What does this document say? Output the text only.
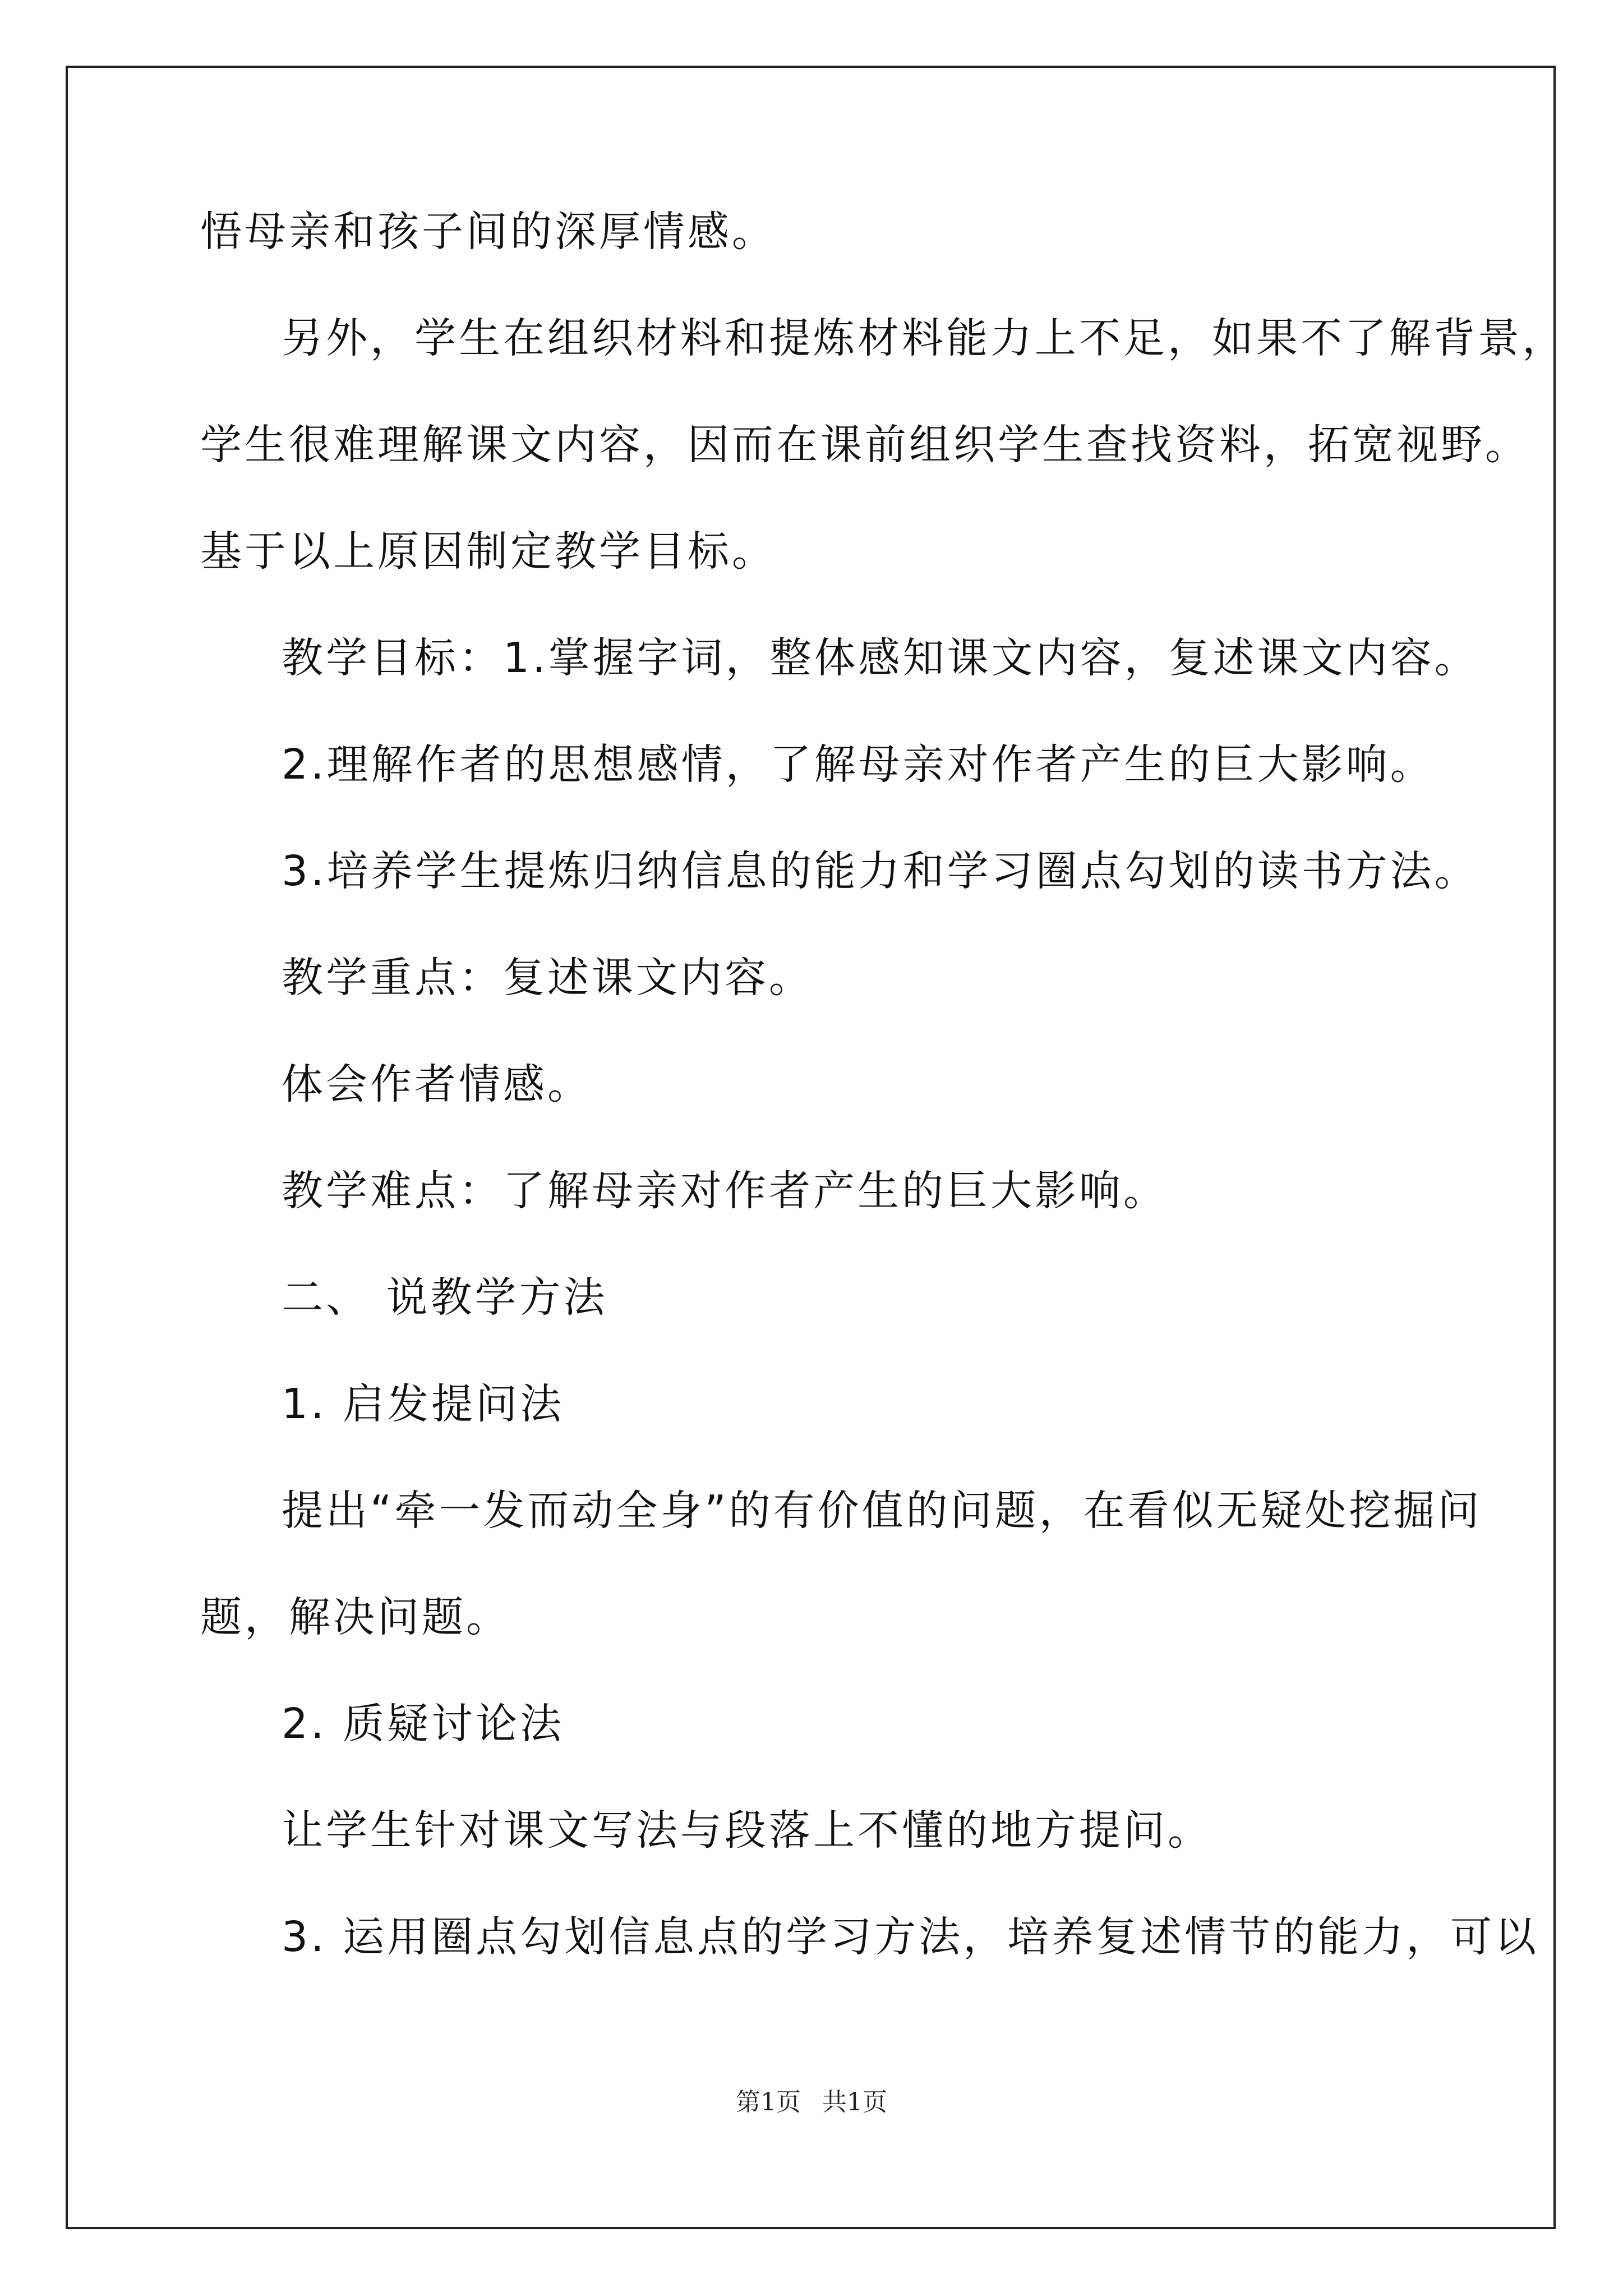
悟母亲和孩子间的深厚情感。
另外，学生在组织材料和提炼材料能力上不足，如果不了解背景，
学生很难理解课文内容，因而在课前组织学生查找资料，拓宽视野。
基于以上原因制定教学目标。
教学目标：1.掌握字词，整体感知课文内容，复述课文内容。
2.理解作者的思想感情，了解母亲对作者产生的巨大影响。
3.培养学生提炼归纳信息的能力和学习圈点勾划的读书方法。
教学重点：复述课文内容。
体会作者情感。
教学难点：了解母亲对作者产生的巨大影响。
二、 说教学方法
1. 启发提问法
提出“牵一发而动全身”的有价值的问题，在看似无疑处挖掘问
题，解决问题。
2. 质疑讨论法
让学生针对课文写法与段落上不懂的地方提问。
3. 运用圈点勾划信息点的学习方法，培养复述情节的能力，可以
第1页 共1页
